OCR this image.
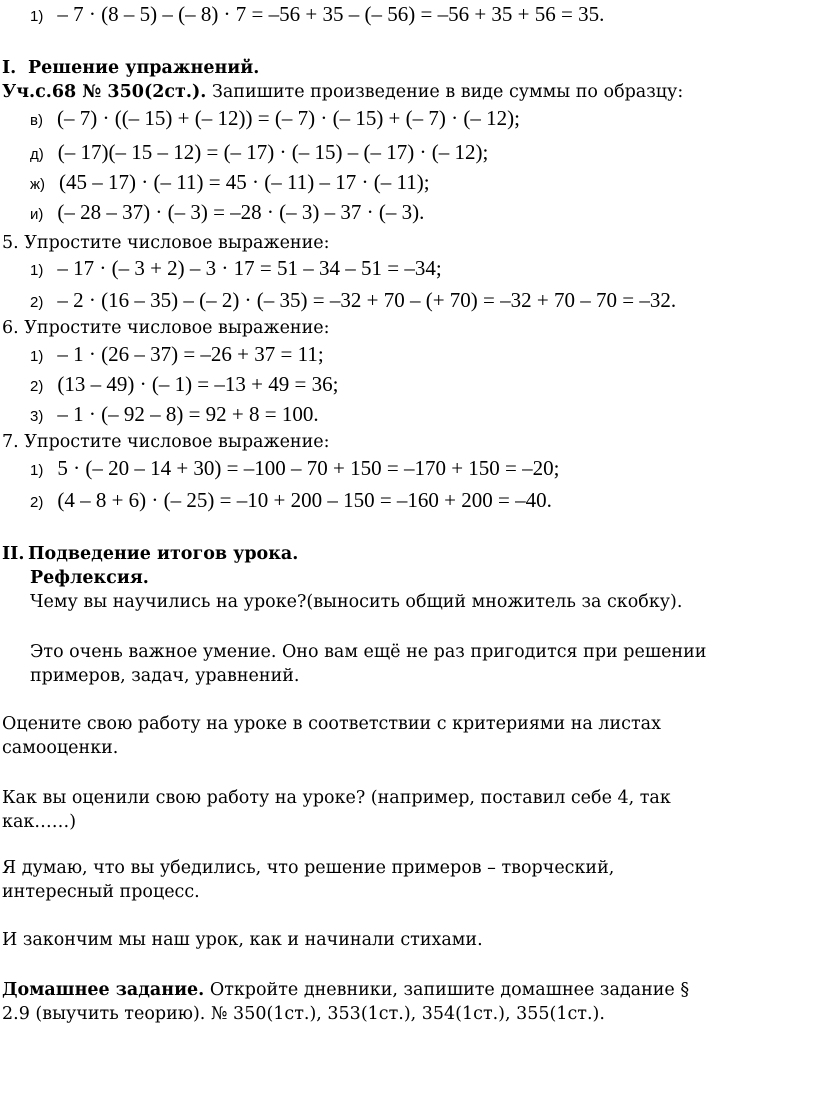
1) – 7 · (8 – 5) – (– 8) · 7 = –56 + 35 – (– 56) = –56 + 35 + 56 = 35.
I. Решение упражнений.
Уч.с.68 № 350(2ст.). Запишите произведение в виде суммы по образцу:
в) (– 7) · ((– 15) + (– 12)) = (– 7) · (– 15) + (– 7) · (– 12);
д) (– 17)(– 15 – 12) = (– 17) · (– 15) – (– 17) · (– 12);
ж) (45 – 17) · (– 11) = 45 · (– 11) – 17 · (– 11);
и) (– 28 – 37) · (– 3) = –28 · (– 3) – 37 · (– 3).
5. Упростите числовое выражение:
1) – 17 · (– 3 + 2) – 3 · 17 = 51 – 34 – 51 = –34;
2) – 2 · (16 – 35) – (– 2) · (– 35) = –32 + 70 – (+ 70) = –32 + 70 – 70 = –32.
6. Упростите числовое выражение:
1) – 1 · (26 – 37) = –26 + 37 = 11;
2) (13 – 49) · (– 1) = –13 + 49 = 36;
3) – 1 · (– 92 – 8) = 92 + 8 = 100.
7. Упростите числовое выражение:
1) 5 · (– 20 – 14 + 30) = –100 – 70 + 150 = –170 + 150 = –20;
2) (4 – 8 + 6) · (– 25) = –10 + 200 – 150 = –160 + 200 = –40.
II. Подведение итогов урока.
Рефлексия.
Чему вы научились на уроке?(выносить общий множитель за скобку).
Это очень важное умение. Оно вам ещё не раз пригодится при решении
примеров, задач, уравнений.
Оцените свою работу на уроке в соответствии с критериями на листах
самооценки.
Как вы оценили свою работу на уроке? (например, поставил себе 4, так
как……)
Я думаю, что вы убедились, что решение примеров – творческий,
интересный процесс.
И закончим мы наш урок, как и начинали стихами.
Домашнее задание. Откройте дневники, запишите домашнее задание §
2.9 (выучить теорию). № 350(1ст.), 353(1ст.), 354(1ст.), 355(1ст.).
